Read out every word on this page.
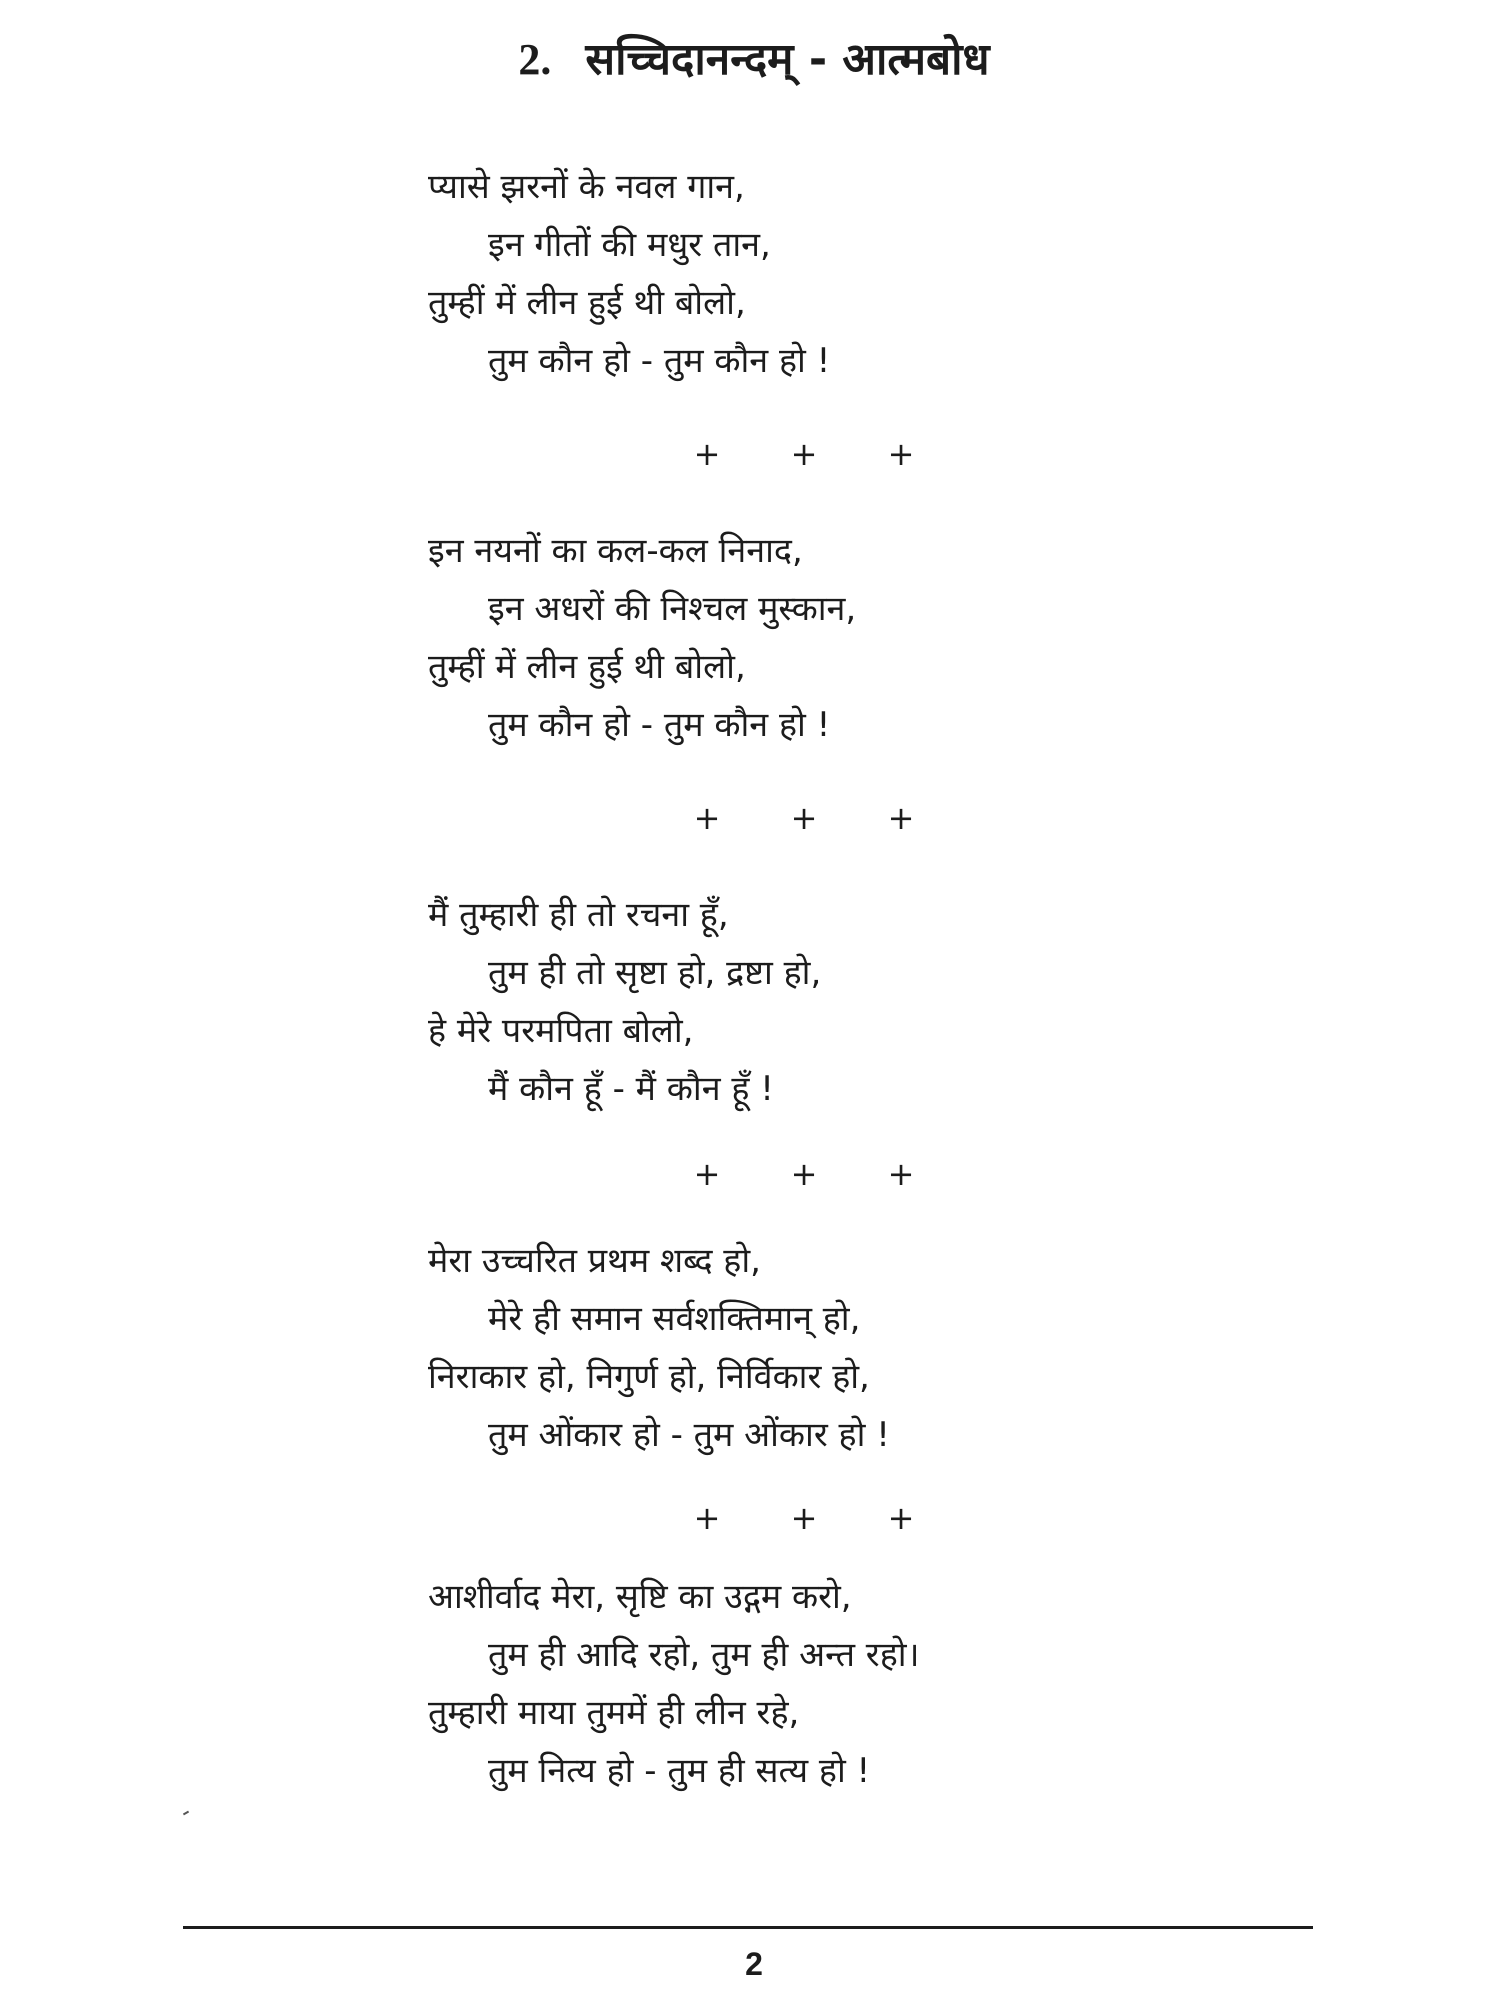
2. सच्चिदानन्दम् - आत्मबोध
प्यासे झरनों के नवल गान,
इन गीतों की मधुर तान,
तुम्हीं में लीन हुई थी बोलो,
तुम कौन हो - तुम कौन हो !
+ + +
इन नयनों का कल-कल निनाद,
इन अधरों की निश्चल मुस्कान,
तुम्हीं में लीन हुई थी बोलो,
तुम कौन हो - तुम कौन हो !
+ + +
मैं तुम्हारी ही तो रचना हूँ,
तुम ही तो सृष्टा हो, द्रष्टा हो,
हे मेरे परमपिता बोलो,
मैं कौन हूँ - मैं कौन हूँ !
+ + +
मेरा उच्चरित प्रथम शब्द हो,
मेरे ही समान सर्वशक्तिमान् हो,
निराकार हो, निगुर्ण हो, निर्विकार हो,
तुम ओंकार हो - तुम ओंकार हो !
+ + +
आशीर्वाद मेरा, सृष्टि का उद्गम करो,
तुम ही आदि रहो, तुम ही अन्त रहो।
तुम्हारी माया तुममें ही लीन रहे,
तुम नित्य हो - तुम ही सत्य हो !
2
